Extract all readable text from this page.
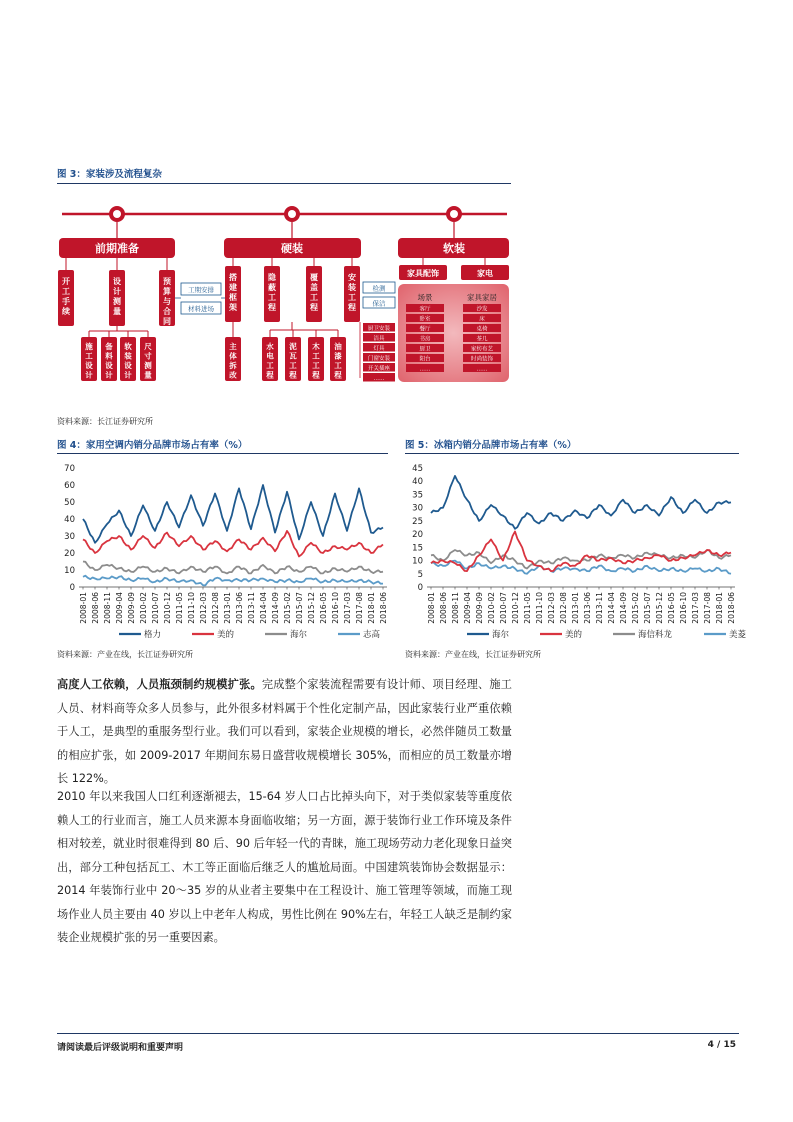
图 3：家装涉及流程复杂
前期准备	硬装	软装
开工手续
设计测量
预算与合同
施工设计
备料设计
软装设计
尺寸测量
工期安排
材料进场
搭建框架
隐蔽工程
覆盖工程
安装工程
主体拆改
水电工程
泥瓦工程
木工工程
油漆工程
检测
保洁
厨卫安装
洁具
灯具
门窗安装
开关插座
……
家具配饰	家电
场景	家具家居
客厅
卧室
餐厅
书房
厨卫
阳台
……
沙发
床
桌椅
茶几
家纺布艺
时尚装饰
……
资料来源：长江证券研究所
图 4：家用空调内销分品牌市场占有率（%）
0
10
20
30
40
50
60
70
2008-01 2008-06 2008-11 2009-04 2009-09 2010-02 2010-07 2010-12 2011-05 2011-10 2012-03 2012-08 2013-01 2013-06 2013-11 2014-04 2014-09 2015-02 2015-07 2015-12 2016-05 2016-10 2017-03 2017-08 2018-01 2018-06
格力	美的	海尔	志高
资料来源：产业在线，长江证券研究所
图 5：冰箱内销分品牌市场占有率（%）
0
5
10
15
20
25
30
35
40
45
2008-01 2008-06 2008-11 2009-04 2009-09 2010-02 2010-07 2010-12 2011-05 2011-10 2012-03 2012-08 2013-01 2013-06 2013-11 2014-04 2014-09 2015-02 2015-07 2015-12 2016-05 2016-10 2017-03 2017-08 2018-01 2018-06
海尔	美的	海信科龙	美菱
资料来源：产业在线，长江证券研究所
高度人工依赖，人员瓶颈制约规模扩张。完成整个家装流程需要有设计师、项目经理、施工人员、材料商等众多人员参与，此外很多材料属于个性化定制产品，因此家装行业严重依赖于人工，是典型的重服务型行业。我们可以看到，家装企业规模的增长，必然伴随员工数量的相应扩张，如 2009-2017 年期间东易日盛营收规模增长 305%，而相应的员工数量亦增长 122%。
2010 年以来我国人口红利逐渐褪去，15-64 岁人口占比掉头向下，对于类似家装等重度依赖人工的行业而言，施工人员来源本身面临收缩；另一方面，源于装饰行业工作环境及条件相对较差，就业时很难得到 80 后、90 后年轻一代的青睐，施工现场劳动力老化现象日益突出，部分工种包括瓦工、木工等正面临后继乏人的尴尬局面。中国建筑装饰协会数据显示：2014 年装饰行业中 20～35 岁的从业者主要集中在工程设计、施工管理等领域，而施工现场作业人员主要由 40 岁以上中老年人构成，男性比例在 90%左右，年轻工人缺乏是制约家装企业规模扩张的另一重要因素。
请阅读最后评级说明和重要声明	4 / 15
